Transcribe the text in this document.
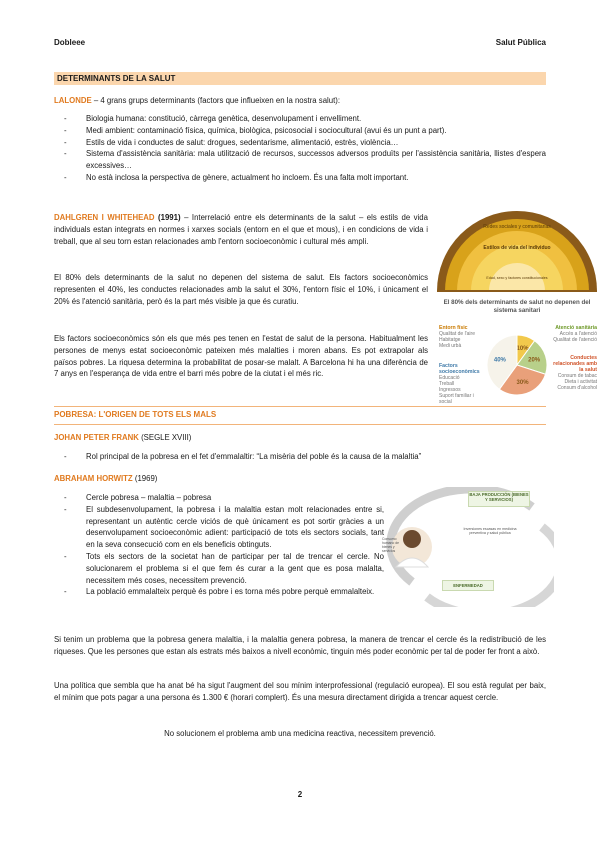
Dobleee	Salut Pública
DETERMINANTS DE LA SALUT
LALONDE – 4 grans grups determinants (factors que influeixen en la nostra salut):
- Biologia humana: constitució, càrrega genètica, desenvolupament i envelliment.
- Medi ambient: contaminació física, química, biològica, psicosocial i sociocultural (avui és un punt a part).
- Estils de vida i conductes de salut: drogues, sedentarisme, alimentació, estrès, violència…
- Sistema d'assistència sanitària: mala utilització de recursos, successos adversos produïts per l'assistència sanitària, llistes d'espera excessives…
- No està inclosa la perspectiva de gènere, actualment ho incloem. És una falta molt important.
DAHLGREN I WHITEHEAD (1991) – Interrelació entre els determinants de la salut – els estils de vida individuals estan integrats en normes i xarxes socials (entorn en el que et mous), i en condicions de vida i treball, que al seu torn estan relacionades amb l'entorn socioeconòmic i cultural més ampli.
El 80% dels determinants de la salut no depenen del sistema de salut. Els factors socioeconòmics representen el 40%, les conductes relacionades amb la salut el 30%, l'entorn físic el 10%, i únicament el 20% és l'atenció sanitària, però és la part més visible ja que és curatiu.
Els factors socioeconòmics són els que més pes tenen en l'estat de salut de la persona. Habitualment les persones de menys estat socioeconòmic pateixen més malalties i moren abans. Es pot extrapolar als països pobres. La riquesa determina la probabilitat de posar-se malalt. A Barcelona hi ha una diferència de 7 anys en l'esperança de vida entre el barri més pobre de la ciutat i el més ric.
Redes sociales y comunitarias
Estilos de vida del individuo
Edad, sexo y factores constitucionales
El 80% dels determinants de salut no depenen del sistema sanitari
Entorn físic
Qualitat de l'aire
Habitatge
Medi urbà
Factors socioeconòmics
Educació
Treball
Ingressos
Suport familiar i social
Atenció sanitària
Accés a l'atenció
Qualitat de l'atenció
Conductes relacionades amb la salut
Consum de tabac
Dieta i activitat
Consum d'alcohol
10%
20%
30%
40%
POBRESA: L'ORIGEN DE TOTS ELS MALS
JOHAN PETER FRANK (SEGLE XVIII)
- Rol principal de la pobresa en el fet d'emmalaltir: “La misèria del poble és la causa de la malaltia”
ABRAHAM HORWITZ (1969)
- Cercle pobresa – malaltia – pobresa
- El subdesenvolupament, la pobresa i la malaltia estan molt relacionades entre si, representant un autèntic cercle viciós de què únicament es pot sortir gràcies a un desenvolupament socioeconòmic adient: participació de tots els sectors socials, tant en la seva consecució com en els beneficis obtinguts.
- Tots els sectors de la societat han de participar per tal de trencar el cercle. No solucionarem el problema si el que fem és curar a la gent que es posa malalta, necessitem més coses, necessitem prevenció.
- La població emmalalteix perquè és pobre i es torna més pobre perquè emmalalteix.
BAJA PRODUCCIÓN (BIENES Y SERVICIOS)
ENFERMEDAD
Consumo humano de bienes y servicios
Inversiones escasas en medicina preventiva y salud pública
Si tenim un problema que la pobresa genera malaltia, i la malaltia genera pobresa, la manera de trencar el cercle és la redistribució de les riqueses. Que les persones que estan als estrats més baixos a nivell econòmic, tinguin més poder econòmic per tal de poder fer front a això.
Una política que sembla que ha anat bé ha sigut l'augment del sou mínim interprofessional (regulació europea). El sou està regulat per baix, el mínim que pots pagar a una persona és 1.300 € (horari complert). És una mesura directament dirigida a trencar aquest cercle.
No solucionem el problema amb una medicina reactiva, necessitem prevenció.
2
